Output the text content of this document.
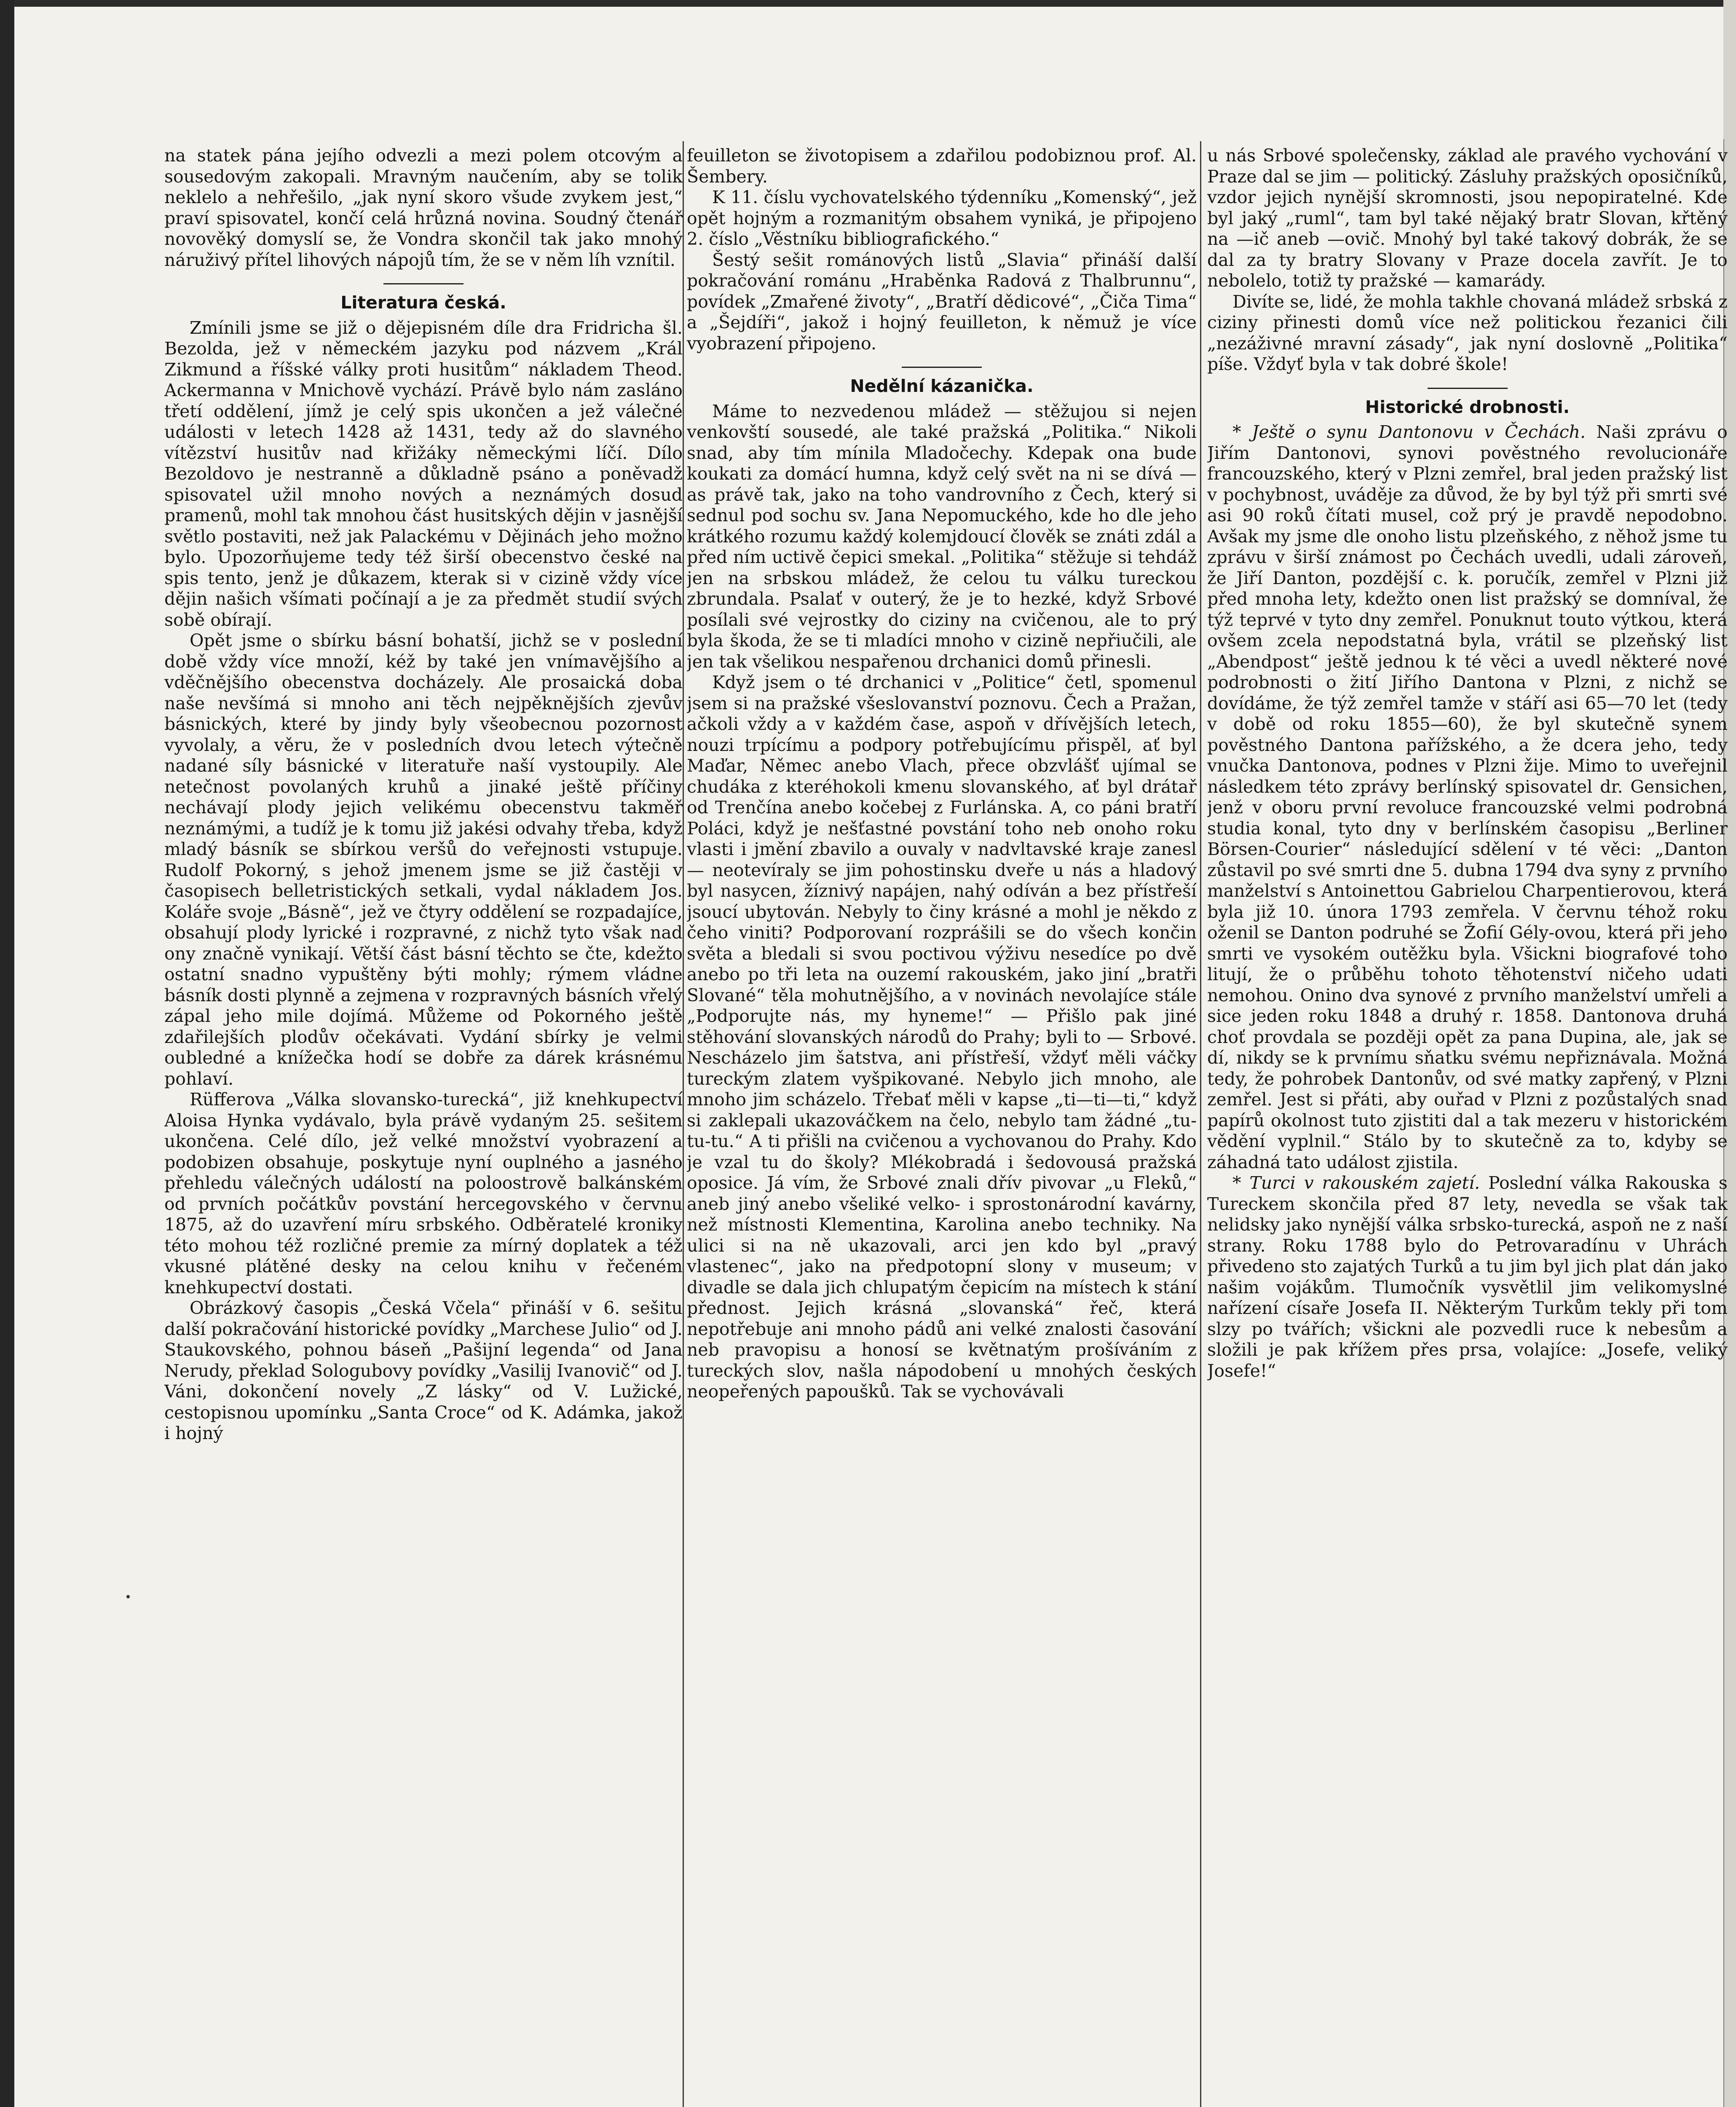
na statek pána jejího odvezli a mezi polem otcovým a sousedovým zakopali. Mravným naučením, aby se tolik neklelo a nehřešilo, „jak nyní skoro všude zvykem jest,“ praví spisovatel, končí celá hrůzná novina. Soudný čtenář novověký domyslí se, že Vondra skončil tak jako mnohý náruživý přítel lihových nápojů tím, že se v něm líh vznítil.

Literatura česká.

Zmínili jsme se již o dějepisném díle dra Fridricha šl. Bezolda, jež v německém jazyku pod názvem „Král Zikmund a říšské války proti husitům“ nákladem Theod. Ackermanna v Mnichově vychází. Právě bylo nám zasláno třetí oddělení, jímž je celý spis ukončen a jež válečné události v letech 1428 až 1431, tedy až do slavného vítězství husitův nad křižáky německými líčí. Dílo Bezoldovo je nestranně a důkladně psáno a poněvadž spisovatel užil mnoho nových a neznámých dosud pramenů, mohl tak mnohou část husitských dějin v jasnější světlo postaviti, než jak Palackému v Dějinách jeho možno bylo. Upozorňujeme tedy též širší obecenstvo české na spis tento, jenž je důkazem, kterak si v cizině vždy více dějin našich všímati počínají a je za předmět studií svých sobě obírají.

Opět jsme o sbírku básní bohatší, jichž se v poslední době vždy více množí, kéž by také jen vnímavějšího a vděčnějšího obecenstva docházely. Ale prosaická doba naše nevšímá si mnoho ani těch nejpěknějších zjevův básnických, které by jindy byly všeobecnou pozornost vyvolaly, a věru, že v posledních dvou letech výtečně nadané síly básnické v literatuře naší vystoupily. Ale netečnost povolaných kruhů a jinaké ještě příčiny nechávají plody jejich velikému obecenstvu takměř neznámými, a tudíž je k tomu již jakési odvahy třeba, když mladý básník se sbírkou veršů do veřejnosti vstupuje. Rudolf Pokorný, s jehož jmenem jsme se již častěji v časopisech belletristických setkali, vydal nákladem Jos. Koláře svoje „Básně“, jež ve čtyry oddělení se rozpadajíce, obsahují plody lyrické i rozpravné, z nichž tyto však nad ony značně vynikají. Větší část básní těchto se čte, kdežto ostatní snadno vypuštěny býti mohly; rýmem vládne básník dosti plynně a zejmena v rozpravných básních vřelý zápal jeho mile dojímá. Můžeme od Pokorného ještě zdařilejších plodův očekávati. Vydání sbírky je velmi oubledné a knížečka hodí se dobře za dárek krásnému pohlaví.

Rüfferova „Válka slovansko-turecká“, již knehkupectví Aloisa Hynka vydávalo, byla právě vydaným 25. sešitem ukončena. Celé dílo, jež velké množství vyobrazení a podobizen obsahuje, poskytuje nyní ouplného a jasného přehledu válečných událostí na poloostrově balkánském od prvních počátkův povstání hercegovského v červnu 1875, až do uzavření míru srbského. Odběratelé kroniky této mohou též rozličné premie za mírný doplatek a též vkusné plátěné desky na celou knihu v řečeném knehkupectví dostati.

Obrázkový časopis „Česká Včela“ přináší v 6. sešitu další pokračování historické povídky „Marchese Julio“ od J. Staukovského, pohnou báseň „Pašijní legenda“ od Jana Nerudy, překlad Sologubovy povídky „Vasilij Ivanovič“ od J. Váni, dokončení novely „Z lásky“ od V. Lužické, cestopisnou upomínku „Santa Croce“ od K. Adámka, jakož i hojný

feuilleton se životopisem a zdařilou podobiznou prof. Al. Šembery.

K 11. číslu vychovatelského týdenníku „Komenský“, jež opět hojným a rozmanitým obsahem vyniká, je připojeno 2. číslo „Věstníku bibliografického.“

Šestý sešit románových listů „Slavia“ přináší další pokračování románu „Hraběnka Radová z Thalbrunnu“, povídek „Zmařené životy“, „Bratří dědicové“, „Čiča Tima“ a „Šejdíři“, jakož i hojný feuilleton, k němuž je více vyobrazení připojeno.

Nedělní kázanička.

Máme to nezvedenou mládež — stěžujou si nejen venkovští sousedé, ale také pražská „Politika.“ Nikoli snad, aby tím mínila Mladočechy. Kdepak ona bude koukati za domácí humna, když celý svět na ni se dívá — as právě tak, jako na toho vandrovního z Čech, který si sednul pod sochu sv. Jana Nepomuckého, kde ho dle jeho krátkého rozumu každý kolemjdoucí člověk se znáti zdál a před ním uctivě čepici smekal. „Politika“ stěžuje si tehdáž jen na srbskou mládež, že celou tu válku tureckou zbrundala. Psalať v outerý, že je to hezké, když Srbové posílali své vejrostky do ciziny na cvičenou, ale to prý byla škoda, že se ti mladíci mnoho v cizině nepřiučili, ale jen tak všelikou nespařenou drchanici domů přinesli.

Když jsem o té drchanici v „Politice“ četl, spomenul jsem si na pražské všeslovanství poznovu. Čech a Pražan, ačkoli vždy a v každém čase, aspoň v dřívějších letech, nouzi trpícímu a podpory potřebujícímu přispěl, ať byl Maďar, Němec anebo Vlach, přece obzvlášť ujímal se chudáka z kteréhokoli kmenu slovanského, ať byl drátař od Trenčína anebo kočebej z Furlánska. A, co páni bratří Poláci, když je nešťastné povstání toho neb onoho roku vlasti i jmění zbavilo a ouvaly v nadvltavské kraje zanesl — neotevíraly se jim pohostinsku dveře u nás a hladový byl nasycen, žíznivý napájen, nahý odíván a bez přístřeší jsoucí ubytován. Nebyly to činy krásné a mohl je někdo z čeho viniti? Podporovaní rozprášili se do všech končin světa a bledali si svou poctivou výživu nesedíce po dvě anebo po tři leta na ouzemí rakouském, jako jiní „bratři Slované“ těla mohutnějšího, a v novinách nevolajíce stále „Podporujte nás, my hyneme!“ — Přišlo pak jiné stěhování slovanských národů do Prahy; byli to — Srbové. Nescházelo jim šatstva, ani přístřeší, vždyť měli váčky tureckým zlatem vyšpikované. Nebylo jich mnoho, ale mnoho jim scházelo. Třebať měli v kapse „ti—ti—ti,“ když si zaklepali ukazováčkem na čelo, nebylo tam žádné „tu-tu-tu.“ A ti přišli na cvičenou a vychovanou do Prahy. Kdo je vzal tu do školy? Mlékobradá i šedovousá pražská oposice. Já vím, že Srbové znali dřív pivovar „u Fleků,“ aneb jiný anebo všeliké velko- i sprostonárodní kavárny, než místnosti Klementina, Karolina anebo techniky. Na ulici si na ně ukazovali, arci jen kdo byl „pravý vlastenec“, jako na předpotopní slony v museum; v divadle se dala jich chlupatým čepicím na místech k stání přednost. Jejich krásná „slovanská“ řeč, která nepotřebuje ani mnoho pádů ani velké znalosti časování neb pravopisu a honosí se květnatým prošíváním z tureckých slov, našla nápodobení u mnohých českých neopeřených papoušků. Tak se vychovávali

u nás Srbové společensky, základ ale pravého vychování v Praze dal se jim — politický. Zásluhy pražských oposičníků, vzdor jejich nynější skromnosti, jsou nepopiratelné. Kde byl jaký „ruml“, tam byl také nějaký bratr Slovan, křtěný na —ič aneb —ovič. Mnohý byl také takový dobrák, že se dal za ty bratry Slovany v Praze docela zavřít. Je to nebolelo, totiž ty pražské — kamarády.

Divíte se, lidé, že mohla takhle chovaná mládež srbská z ciziny přinesti domů více než politickou řezanici čili „nezáživné mravní zásady“, jak nyní doslovně „Politika“ píše. Vždyť byla v tak dobré škole!

Historické drobnosti.

* Ještě o synu Dantonovu v Čechách. Naši zprávu o Jiřím Dantonovi, synovi pověstného revolucionáře francouzského, který v Plzni zemřel, bral jeden pražský list v pochybnost, uváděje za důvod, že by byl týž při smrti své asi 90 roků čítati musel, což prý je pravdě nepodobno. Avšak my jsme dle onoho listu plzeňského, z něhož jsme tu zprávu v širší známost po Čechách uvedli, udali zároveň, že Jiří Danton, pozdější c. k. poručík, zemřel v Plzni již před mnoha lety, kdežto onen list pražský se domníval, že týž teprvé v tyto dny zemřel. Ponuknut touto výtkou, která ovšem zcela nepodstatná byla, vrátil se plzeňský list „Abendpost“ ještě jednou k té věci a uvedl některé nové podrobnosti o žití Jiřího Dantona v Plzni, z nichž se dovídáme, že týž zemřel tamže v stáří asi 65—70 let (tedy v době od roku 1855—60), že byl skutečně synem pověstného Dantona pařížského, a že dcera jeho, tedy vnučka Dantonova, podnes v Plzni žije. Mimo to uveřejnil následkem této zprávy berlínský spisovatel dr. Gensichen, jenž v oboru první revoluce francouzské velmi podrobná studia konal, tyto dny v berlínském časopisu „Berliner Börsen-Courier“ následující sdělení v té věci: „Danton zůstavil po své smrti dne 5. dubna 1794 dva syny z prvního manželství s Antoinettou Gabrielou Charpentierovou, která byla již 10. února 1793 zemřela. V červnu téhož roku oženil se Danton podruhé se Žofií Gély-ovou, která při jeho smrti ve vysokém outěžku byla. Všickni biografové toho litují, že o průběhu tohoto těhotenství ničeho udati nemohou. Onino dva synové z prvního manželství umřeli a sice jeden roku 1848 a druhý r. 1858. Dantonova druhá choť provdala se později opět za pana Dupina, ale, jak se dí, nikdy se k prvnímu sňatku svému nepřiznávala. Možná tedy, že pohrobek Dantonův, od své matky zapřený, v Plzni zemřel. Jest si přáti, aby ouřad v Plzni z pozůstalých snad papírů okolnost tuto zjistiti dal a tak mezeru v historickém vědění vyplnil.“ Stálo by to skutečně za to, kdyby se záhadná tato událost zjistila.

* Turci v rakouském zajetí. Poslední válka Rakouska s Tureckem skončila před 87 lety, nevedla se však tak nelidsky jako nynější válka srbsko-turecká, aspoň ne z naší strany. Roku 1788 bylo do Petrovaradínu v Uhrách přivedeno sto zajatých Turků a tu jim byl jich plat dán jako našim vojákům. Tlumočník vysvětlil jim velikomyslné nařízení císaře Josefa II. Některým Turkům tekly při tom slzy po tvářích; všickni ale pozvedli ruce k nebesům a složili je pak křížem přes prsa, volajíce: „Josefe, veliký Josefe!“
